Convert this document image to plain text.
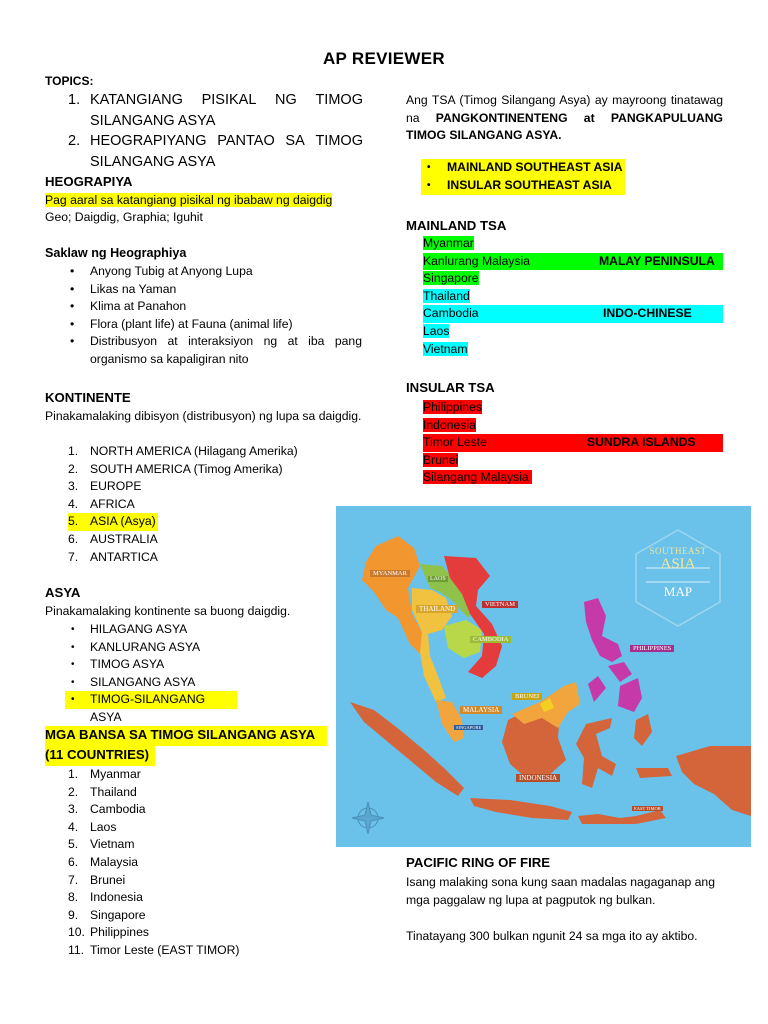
AP REVIEWER
TOPICS:
1. KATANGIANG PISIKAL NG TIMOG
SILANGANG ASYA
2. HEOGRAPIYANG PANTAO SA TIMOG
SILANGANG ASYA
HEOGRAPIYA
Pag aaral sa katangiang pisikal ng ibabaw ng daigdig
Geo; Daigdig, Graphia; Iguhit
Saklaw ng Heographiya
• Anyong Tubig at Anyong Lupa
• Likas na Yaman
• Klima at Panahon
• Flora (plant life) at Fauna (animal life)
• Distribusyon at interaksiyon ng at iba pang organismo sa kapaligiran nito
KONTINENTE
Pinakamalaking dibisyon (distribusyon) ng lupa sa daigdig.
1. NORTH AMERICA (Hilagang Amerika)
2. SOUTH AMERICA (Timog Amerika)
3. EUROPE
4. AFRICA
5. ASIA (Asya)
6. AUSTRALIA
7. ANTARTICA
ASYA
Pinakamalaking kontinente sa buong daigdig.
• HILAGANG ASYA
• KANLURANG ASYA
• TIMOG ASYA
• SILANGANG ASYA
• TIMOG-SILANGANG ASYA
MGA BANSA SA TIMOG SILANGANG ASYA
(11 COUNTRIES)
1. Myanmar
2. Thailand
3. Cambodia
4. Laos
5. Vietnam
6. Malaysia
7. Brunei
8. Indonesia
9. Singapore
10. Philippines
11. Timor Leste (EAST TIMOR)
Ang TSA (Timog Silangang Asya) ay mayroong tinatawag na PANGKONTINENTENG at PANGKAPULUANG TIMOG SILANGANG ASYA.
• MAINLAND SOUTHEAST ASIA
• INSULAR SOUTHEAST ASIA
MAINLAND TSA
Myanmar
Kanlurang Malaysia	MALAY PENINSULA
Singapore
Thailand
Cambodia	INDO-CHINESE
Laos
Vietnam
INSULAR TSA
Philippines
Indonesia
Timor Leste	SUNDRA ISLANDS
Brunei
Silangang Malaysia
SOUTHEAST
ASIA
MAP
MYANMAR
LAOS
THAILAND
VIETNAM
CAMBODIA
PHILIPPINES
BRUNEI
MALAYSIA
SINGAPORE
INDONESIA
EAST TIMOR
PACIFIC RING OF FIRE
Isang malaking sona kung saan madalas nagaganap ang mga paggalaw ng lupa at pagputok ng bulkan.
Tinatayang 300 bulkan ngunit 24 sa mga ito ay aktibo.
